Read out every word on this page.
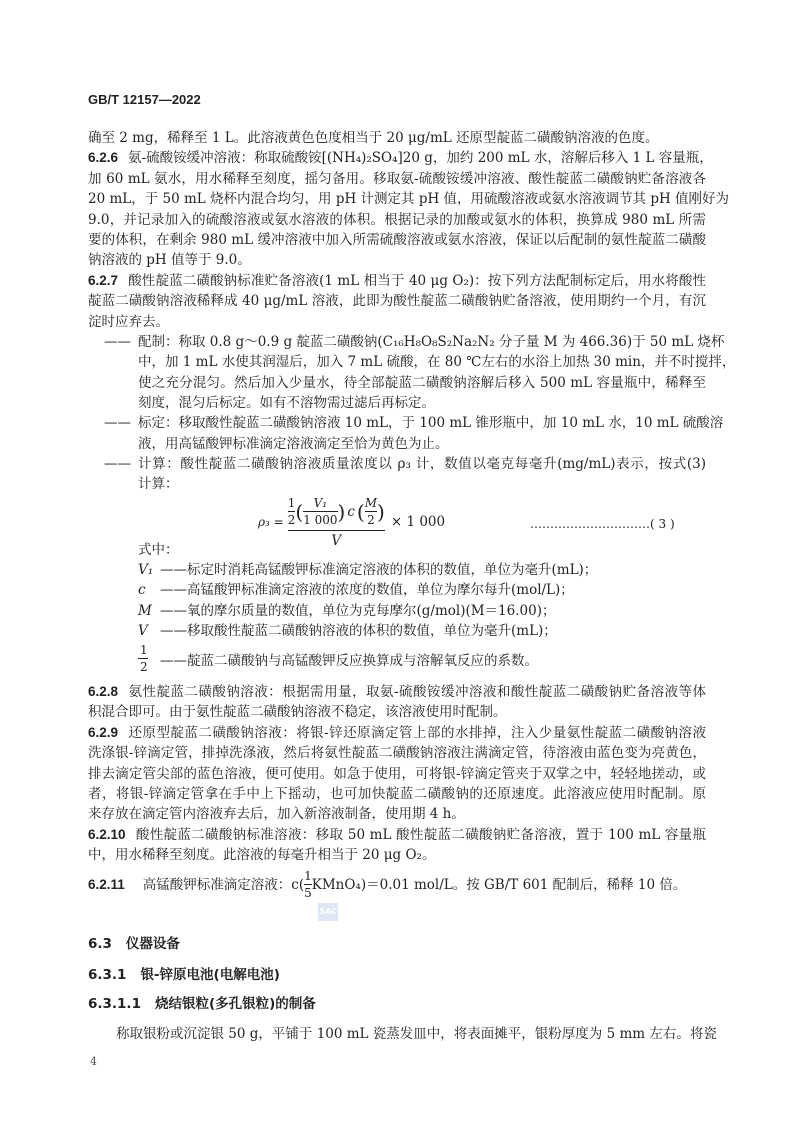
GB/T 12157—2022
确至 2 mg，稀释至 1 L。此溶液黄色色度相当于 20 μg/mL 还原型靛蓝二磺酸钠溶液的色度。
6.2.6 氨-硫酸铵缓冲溶液：称取硫酸铵[(NH₄)₂SO₄]20 g，加约 200 mL 水，溶解后移入 1 L 容量瓶，
加 60 mL 氨水，用水稀释至刻度，摇匀备用。移取氨-硫酸铵缓冲溶液、酸性靛蓝二磺酸钠贮备溶液各
20 mL，于 50 mL 烧杯内混合均匀，用 pH 计测定其 pH 值，用硫酸溶液或氨水溶液调节其 pH 值刚好为
9.0，并记录加入的硫酸溶液或氨水溶液的体积。根据记录的加酸或氨水的体积，换算成 980 mL 所需
要的体积，在剩余 980 mL 缓冲溶液中加入所需硫酸溶液或氨水溶液，保证以后配制的氨性靛蓝二磺酸
钠溶液的 pH 值等于 9.0。
6.2.7 酸性靛蓝二磺酸钠标准贮备溶液(1 mL 相当于 40 μg O₂)：按下列方法配制标定后，用水将酸性
靛蓝二磺酸钠溶液稀释成 40 μg/mL 溶液，此即为酸性靛蓝二磺酸钠贮备溶液，使用期约一个月，有沉
淀时应弃去。
—— 配制：称取 0.8 g～0.9 g 靛蓝二磺酸钠(C₁₆H₈O₈S₂Na₂N₂ 分子量 M 为 466.36)于 50 mL 烧杯
中，加 1 mL 水使其润湿后，加入 7 mL 硫酸，在 80 ℃左右的水浴上加热 30 min，并不时搅拌，
使之充分混匀。然后加入少量水，待全部靛蓝二磺酸钠溶解后移入 500 mL 容量瓶中，稀释至
刻度，混匀后标定。如有不溶物需过滤后再标定。
—— 标定：移取酸性靛蓝二磺酸钠溶液 10 mL，于 100 mL 锥形瓶中，加 10 mL 水，10 mL 硫酸溶
液，用高锰酸钾标准滴定溶液滴定至恰为黄色为止。
—— 计算：酸性靛蓝二磺酸钠溶液质量浓度以 ρ₃ 计，数值以毫克每毫升(mg/mL)表示，按式(3)
计算：
$\rho_3 = \frac{\frac{1}{2} ( \frac{\text{V₁}}{1 000} ) c ( \frac{M}{2} )}{V} \times 1$ 000	…………………………( 3 )
式中：
V₁ ——标定时消耗高锰酸钾标准滴定溶液的体积的数值，单位为毫升(mL)；
c ——高锰酸钾标准滴定溶液的浓度的数值，单位为摩尔每升(mol/L)；
M ——氧的摩尔质量的数值，单位为克每摩尔(g/mol)(M＝16.00)；
V ——移取酸性靛蓝二磺酸钠溶液的体积的数值，单位为毫升(mL)；
$\frac{1}{2}$ ——靛蓝二磺酸钠与高锰酸钾反应换算成与溶解氧反应的系数。
6.2.8 氨性靛蓝二磺酸钠溶液：根据需用量，取氨-硫酸铵缓冲溶液和酸性靛蓝二磺酸钠贮备溶液等体
积混合即可。由于氨性靛蓝二磺酸钠溶液不稳定，该溶液使用时配制。
6.2.9 还原型靛蓝二磺酸钠溶液：将银-锌还原滴定管上部的水排掉，注入少量氨性靛蓝二磺酸钠溶液
洗涤银-锌滴定管，排掉洗涤液，然后将氨性靛蓝二磺酸钠溶液注满滴定管，待溶液由蓝色变为亮黄色，
排去滴定管尖部的蓝色溶液，便可使用。如急于使用，可将银-锌滴定管夹于双掌之中，轻轻地搓动，或
者，将银-锌滴定管拿在手中上下摇动，也可加快靛蓝二磺酸钠的还原速度。此溶液应使用时配制。原
来存放在滴定管内溶液弃去后，加入新溶液制备，使用期 4 h。
6.2.10 酸性靛蓝二磺酸钠标准溶液：移取 50 mL 酸性靛蓝二磺酸钠贮备溶液，置于 100 mL 容量瓶
中，用水稀释至刻度。此溶液的每毫升相当于 20 μg O₂。
6.2.11 高锰酸钾标准滴定溶液：$c( \frac{1}{5}$ KMnO₄)＝0.01 mol/L。按 GB/T 601 配制后，稀释 10 倍。
SAC
6.3 仪器设备
6.3.1 银-锌原电池(电解电池)
6.3.1.1 烧结银粒(多孔银粒)的制备
称取银粉或沉淀银 50 g，平铺于 100 mL 瓷蒸发皿中，将表面摊平，银粉厚度为 5 mm 左右。将瓷
4
